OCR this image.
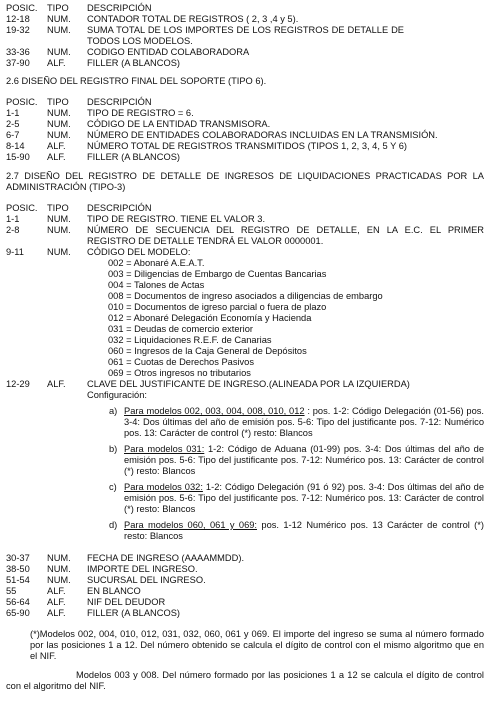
POSIC.	TIPO	DESCRIPCIÓN
12-18	NUM.	CONTADOR TOTAL DE REGISTROS ( 2, 3 ,4 y 5).
19-32	NUM.	SUMA TOTAL DE LOS IMPORTES DE LOS REGISTROS DE DETALLE DE TODOS LOS MODELOS.
33-36	NUM.	CODIGO ENTIDAD COLABORADORA
37-90	ALF.	FILLER (A BLANCOS)
2.6 DISEÑO DEL REGISTRO FINAL DEL SOPORTE (TIPO 6).
POSIC.	TIPO	DESCRIPCIÓN
1-1	NUM.	TIPO DE REGISTRO = 6.
2-5	NUM.	CÓDIGO DE LA ENTIDAD TRANSMISORA.
6-7	NUM.	NÚMERO DE ENTIDADES COLABORADORAS INCLUIDAS EN LA TRANSMISIÓN.
8-14	ALF.	NÚMERO TOTAL DE REGISTROS TRANSMITIDOS (TIPOS 1, 2, 3, 4, 5 Y 6)
15-90	ALF.	FILLER (A BLANCOS)
2.7 DISEÑO DEL REGISTRO DE DETALLE DE INGRESOS DE LIQUIDACIONES PRACTICADAS POR LA ADMINISTRACIÓN (TIPO-3)
POSIC.	TIPO	DESCRIPCIÓN
1-1	NUM.	TIPO DE REGISTRO. TIENE EL VALOR 3.
2-8	NUM.	NÚMERO DE SECUENCIA DEL REGISTRO DE DETALLE, EN LA E.C. EL PRIMER REGISTRO DE DETALLE TENDRÁ EL VALOR 0000001.
9-11	NUM.	CÓDIGO DEL MODELO:
002 = Abonaré A.E.A.T.
003 = Diligencias de Embargo de Cuentas Bancarias
004 = Talones de Actas
008 = Documentos de ingreso asociados a diligencias de embargo
010 = Documentos de igreso parcial o fuera de plazo
012 = Abonaré Delegación Economía y Hacienda
031 = Deudas de comercio exterior
032 = Liquidaciones R.E.F. de Canarias
060 = Ingresos de la Caja General de Depósitos
061 = Cuotas de Derechos Pasivos
069 = Otros ingresos no tributarios
12-29	ALF.	CLAVE DEL JUSTIFICANTE DE INGRESO.(ALINEADA POR LA IZQUIERDA)
Configuración:
a) Para modelos 002, 003, 004, 008, 010, 012 : pos. 1-2: Código Delegación (01-56) pos. 3-4: Dos últimas del año de emisión pos. 5-6: Tipo del justificante pos. 7-12: Numérico pos. 13: Carácter de control (*) resto: Blancos
b) Para modelos 031: 1-2: Código de Aduana (01-99) pos. 3-4: Dos últimas del año de emisión pos. 5-6: Tipo del justificante pos. 7-12: Numérico pos. 13: Carácter de control (*) resto: Blancos
c) Para modelos 032: 1-2: Código Delegación (91 ó 92) pos. 3-4: Dos últimas del año de emisión pos. 5-6: Tipo del justificante pos. 7-12: Numérico pos. 13: Carácter de control (*) resto: Blancos
d) Para modelos 060, 061 y 069: pos. 1-12 Numérico pos. 13 Carácter de control (*) resto: Blancos
30-37	NUM.	FECHA DE INGRESO (AAAAMMDD).
38-50	NUM.	IMPORTE DEL INGRESO.
51-54	NUM.	SUCURSAL DEL INGRESO.
55	ALF.	EN BLANCO
56-64	ALF.	NIF DEL DEUDOR
65-90	ALF.	FILLER (A BLANCOS)
(*)Modelos 002, 004, 010, 012, 031, 032, 060, 061 y 069. El importe del ingreso se suma al número formado por las posiciones 1 a 12. Del número obtenido se calcula el dígito de control con el mismo algoritmo que en el NIF.
Modelos 003 y 008. Del número formado por las posiciones 1 a 12 se calcula el dígito de control con el algoritmo del NIF.
